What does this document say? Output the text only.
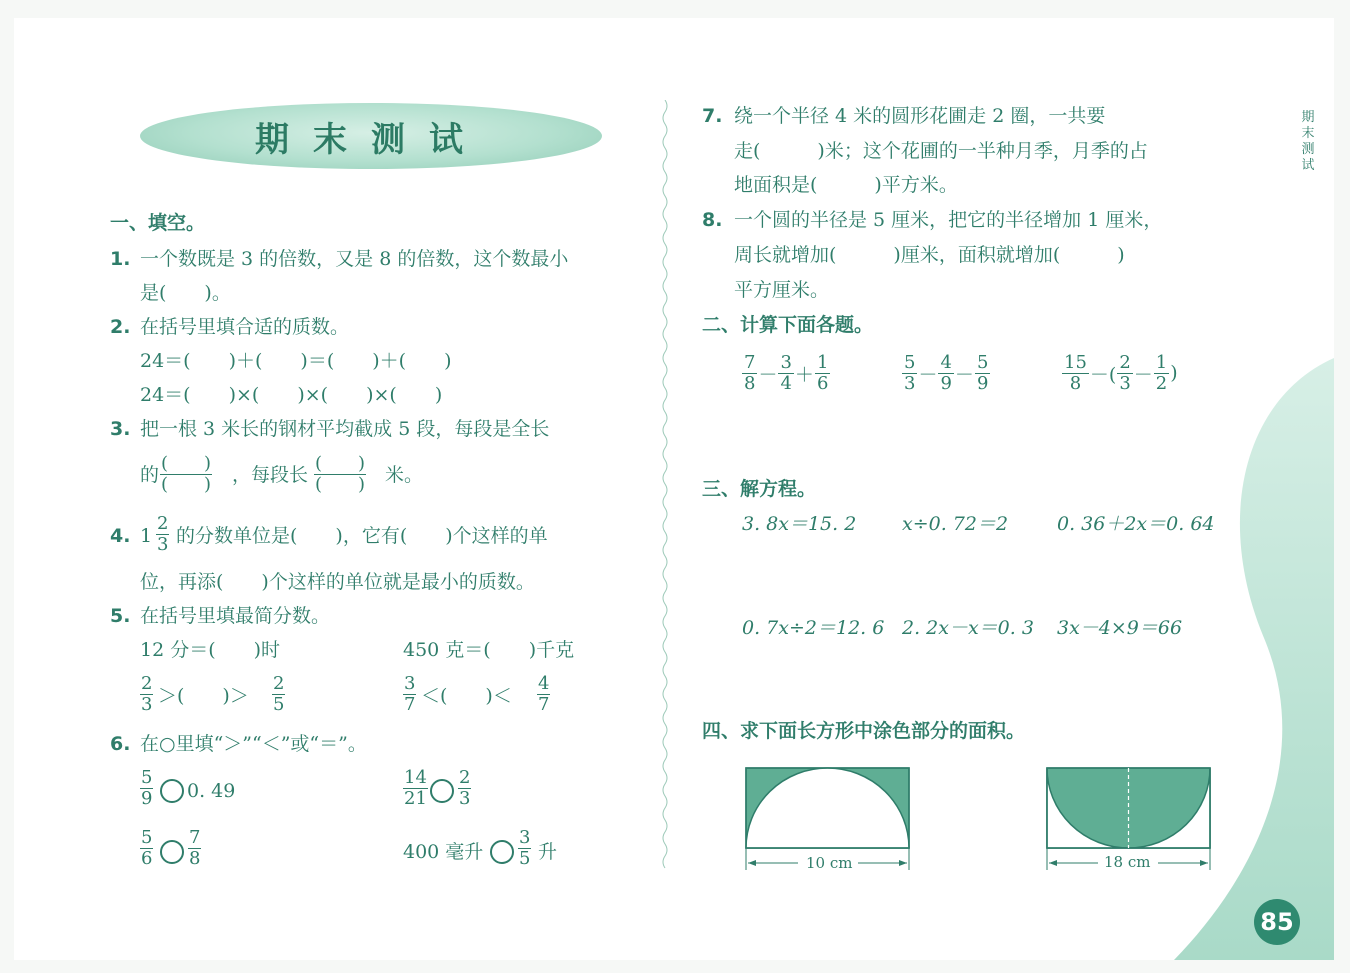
期末测试
期
末
测
试
一、填空。
1. 一个数既是 3 的倍数，又是 8 的倍数，这个数最小
是(　　)。
2. 在括号里填合适的质数。
24＝(　　)＋(　　)＝(　　)＋(　　)
24＝(　　)×(　　)×(　　)×(　　)
3. 把一根 3 米长的钢材平均截成 5 段，每段是全长
的
(　　)
(　　) ，每段长
(　　)
(　　) 米。
4. $1 \frac{2}{3}$ 的分数单位是(　　)，它有(　　)个这样的单
位，再添(　　)个这样的单位就是最小的质数。
5. 在括号里填最简分数。
12 分＝(　　)时	450 克＝(　　)千克
$\frac{2}{3}$ ＞(　　)＞ $\frac{2}{5}$	$\frac{3}{7}$ ＜(　　)＜ $\frac{4}{7}$
6. 在○里填“＞”“＜”或“＝”。
$\frac{5}{9} 0$. 49	$\frac{14}{21} \frac{2}{3}$
$\frac{5}{6} \frac{7}{8}$	400 毫升 $\frac{3}{5}$ 升
7. 绕一个半径 4 米的圆形花圃走 2 圈，一共要
走(　　　)米；这个花圃的一半种月季，月季的占
地面积是(　　　)平方米。
8. 一个圆的半径是 5 厘米，把它的半径增加 1 厘米，
周长就增加(　　　)厘米，面积就增加(　　　)
平方厘米。
二、计算下面各题。
$\frac{7}{8} - \frac{3}{4} + \frac{1}{6}$	$\frac{5}{3} - \frac{4}{9} - \frac{5}{9}$	$\frac{15}{8}$ －( $\frac{2}{3} - \frac{1}{2}$ )
三、解方程。
3. 8x＝15. 2 x÷0. 72＝2	0. 36＋2x＝0. 64
0. 7x÷2＝12. 6 2. 2x－x＝0. 3 3x－4×9＝66
四、求下面长方形中涂色部分的面积。
10 cm	18 cm
85
